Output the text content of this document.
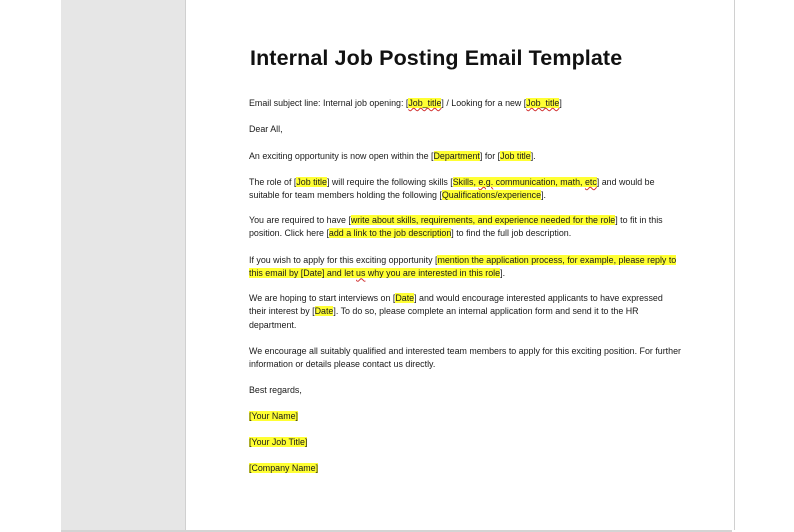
Internal Job Posting Email Template

Email subject line: Internal job opening: [Job_title] / Looking for a new [Job_title]

Dear All,

An exciting opportunity is now open within the [Department] for [Job title].

The role of [Job title] will require the following skills [Skills, e.g. communication, math, etc] and would be suitable for team members holding the following [Qualifications/experience].

You are required to have [write about skills, requirements, and experience needed for the role] to fit in this position. Click here [add a link to the job description] to find the full job description.

If you wish to apply for this exciting opportunity [mention the application process, for example, please reply to this email by [Date] and let us why you are interested in this role].

We are hoping to start interviews on [Date] and would encourage interested applicants to have expressed their interest by [Date]. To do so, please complete an internal application form and send it to the HR department.

We encourage all suitably qualified and interested team members to apply for this exciting position. For further information or details please contact us directly.

Best regards,

[Your Name]

[Your Job Title]

[Company Name]
